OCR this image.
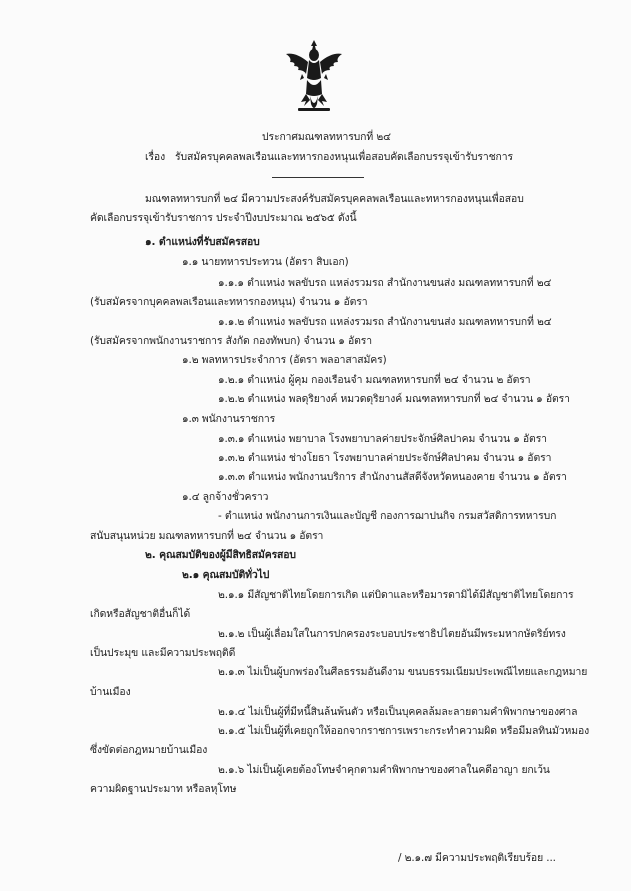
ประกาศมณฑลทหารบกที่ ๒๔
เรื่อง รับสมัครบุคคลพลเรือนและทหารกองหนุนเพื่อสอบคัดเลือกบรรจุเข้ารับราชการ
มณฑลทหารบกที่ ๒๔ มีความประสงค์รับสมัครบุคคลพลเรือนและทหารกองหนุนเพื่อสอบ
คัดเลือกบรรจุเข้ารับราชการ ประจำปีงบประมาณ ๒๕๖๕ ดังนี้
๑. ตำแหน่งที่รับสมัครสอบ
๑.๑ นายทหารประทวน (อัตรา สิบเอก)
๑.๑.๑ ตำแหน่ง พลขับรถ แหล่งรวมรถ สำนักงานขนส่ง มณฑลทหารบกที่ ๒๔
(รับสมัครจากบุคคลพลเรือนและทหารกองหนุน) จำนวน ๑ อัตรา
๑.๑.๒ ตำแหน่ง พลขับรถ แหล่งรวมรถ สำนักงานขนส่ง มณฑลทหารบกที่ ๒๔
(รับสมัครจากพนักงานราชการ สังกัด กองทัพบก) จำนวน ๑ อัตรา
๑.๒ พลทหารประจำการ (อัตรา พลอาสาสมัคร)
๑.๒.๑ ตำแหน่ง ผู้คุม กองเรือนจำ มณฑลทหารบกที่ ๒๔ จำนวน ๒ อัตรา
๑.๒.๒ ตำแหน่ง พลดุริยางค์ หมวดดุริยางค์ มณฑลทหารบกที่ ๒๔ จำนวน ๑ อัตรา
๑.๓ พนักงานราชการ
๑.๓.๑ ตำแหน่ง พยาบาล โรงพยาบาลค่ายประจักษ์ศิลปาคม จำนวน ๑ อัตรา
๑.๓.๒ ตำแหน่ง ช่างโยธา โรงพยาบาลค่ายประจักษ์ศิลปาคม จำนวน ๑ อัตรา
๑.๓.๓ ตำแหน่ง พนักงานบริการ สำนักงานสัสดีจังหวัดหนองคาย จำนวน ๑ อัตรา
๑.๔ ลูกจ้างชั่วคราว
- ตำแหน่ง พนักงานการเงินและบัญชี กองการฌาปนกิจ กรมสวัสดิการทหารบก
สนับสนุนหน่วย มณฑลทหารบกที่ ๒๔ จำนวน ๑ อัตรา
๒. คุณสมบัติของผู้มีสิทธิสมัครสอบ
๒.๑ คุณสมบัติทั่วไป
๒.๑.๑ มีสัญชาติไทยโดยการเกิด แต่บิดาและหรือมารดามิได้มีสัญชาติไทยโดยการ
เกิดหรือสัญชาติอื่นก็ได้
๒.๑.๒ เป็นผู้เลื่อมใสในการปกครองระบอบประชาธิปไตยอันมีพระมหากษัตริย์ทรง
เป็นประมุข และมีความประพฤติดี
๒.๑.๓ ไม่เป็นผู้บกพร่องในศีลธรรมอันดีงาม ขนบธรรมเนียมประเพณีไทยและกฎหมาย
บ้านเมือง
๒.๑.๔ ไม่เป็นผู้ที่มีหนี้สินล้นพ้นตัว หรือเป็นบุคคลล้มละลายตามคำพิพากษาของศาล
๒.๑.๕ ไม่เป็นผู้ที่เคยถูกให้ออกจากราชการเพราะกระทำความผิด หรือมีมลทินมัวหมอง
ซึ่งขัดต่อกฎหมายบ้านเมือง
๒.๑.๖ ไม่เป็นผู้เคยต้องโทษจำคุกตามคำพิพากษาของศาลในคดีอาญา ยกเว้น
ความผิดฐานประมาท หรือลหุโทษ
/ ๒.๑.๗ มีความประพฤติเรียบร้อย ...
